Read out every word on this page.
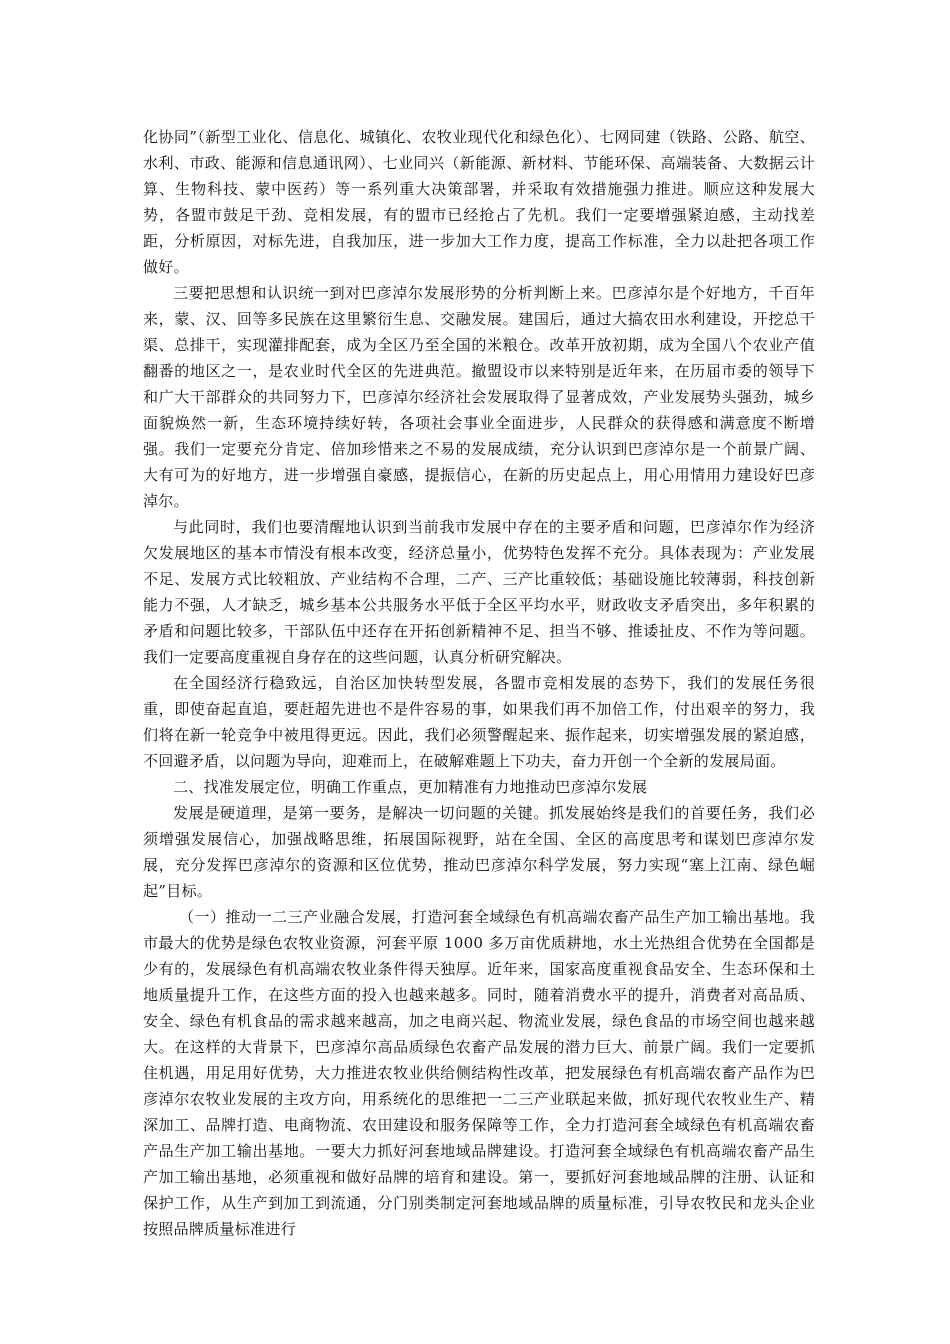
化协同”（新型工业化、信息化、城镇化、农牧业现代化和绿色化）、七网同建（铁路、公路、航空、水利、市政、能源和信息通讯网）、七业同兴（新能源、新材料、节能环保、高端装备、大数据云计算、生物科技、蒙中医药）等一系列重大决策部署，并采取有效措施强力推进。顺应这种发展大势，各盟市鼓足干劲、竞相发展，有的盟市已经抢占了先机。我们一定要增强紧迫感，主动找差距，分析原因，对标先进，自我加压，进一步加大工作力度，提高工作标准，全力以赴把各项工作做好。

三要把思想和认识统一到对巴彦淖尔发展形势的分析判断上来。巴彦淖尔是个好地方，千百年来，蒙、汉、回等多民族在这里繁衍生息、交融发展。建国后，通过大搞农田水利建设，开挖总干渠、总排干，实现灌排配套，成为全区乃至全国的米粮仓。改革开放初期，成为全国八个农业产值翻番的地区之一，是农业时代全区的先进典范。撤盟设市以来特别是近年来，在历届市委的领导下和广大干部群众的共同努力下，巴彦淖尔经济社会发展取得了显著成效，产业发展势头强劲，城乡面貌焕然一新，生态环境持续好转，各项社会事业全面进步，人民群众的获得感和满意度不断增强。我们一定要充分肯定、倍加珍惜来之不易的发展成绩，充分认识到巴彦淖尔是一个前景广阔、大有可为的好地方，进一步增强自豪感，提振信心，在新的历史起点上，用心用情用力建设好巴彦淖尔。

与此同时，我们也要清醒地认识到当前我市发展中存在的主要矛盾和问题，巴彦淖尔作为经济欠发展地区的基本市情没有根本改变，经济总量小，优势特色发挥不充分。具体表现为：产业发展不足、发展方式比较粗放、产业结构不合理，二产、三产比重较低；基础设施比较薄弱，科技创新能力不强，人才缺乏，城乡基本公共服务水平低于全区平均水平，财政收支矛盾突出，多年积累的矛盾和问题比较多，干部队伍中还存在开拓创新精神不足、担当不够、推诿扯皮、不作为等问题。我们一定要高度重视自身存在的这些问题，认真分析研究解决。

在全国经济行稳致远，自治区加快转型发展，各盟市竞相发展的态势下，我们的发展任务很重，即使奋起直追，要赶超先进也不是件容易的事，如果我们再不加倍工作，付出艰辛的努力，我们将在新一轮竞争中被甩得更远。因此，我们必须警醒起来、振作起来，切实增强发展的紧迫感，不回避矛盾，以问题为导向，迎难而上，在破解难题上下功夫，奋力开创一个全新的发展局面。

二、找准发展定位，明确工作重点，更加精准有力地推动巴彦淖尔发展

发展是硬道理，是第一要务，是解决一切问题的关键。抓发展始终是我们的首要任务，我们必须增强发展信心，加强战略思维，拓展国际视野，站在全国、全区的高度思考和谋划巴彦淖尔发展，充分发挥巴彦淖尔的资源和区位优势，推动巴彦淖尔科学发展，努力实现“塞上江南、绿色崛起”目标。

（一）推动一二三产业融合发展，打造河套全域绿色有机高端农畜产品生产加工输出基地。我市最大的优势是绿色农牧业资源，河套平原 1000 多万亩优质耕地，水土光热组合优势在全国都是少有的，发展绿色有机高端农牧业条件得天独厚。近年来，国家高度重视食品安全、生态环保和土地质量提升工作，在这些方面的投入也越来越多。同时，随着消费水平的提升，消费者对高品质、安全、绿色有机食品的需求越来越高，加之电商兴起、物流业发展，绿色食品的市场空间也越来越大。在这样的大背景下，巴彦淖尔高品质绿色农畜产品发展的潜力巨大、前景广阔。我们一定要抓住机遇，用足用好优势，大力推进农牧业供给侧结构性改革，把发展绿色有机高端农畜产品作为巴彦淖尔农牧业发展的主攻方向，用系统化的思维把一二三产业联起来做，抓好现代农牧业生产、精深加工、品牌打造、电商物流、农田建设和服务保障等工作，全力打造河套全域绿色有机高端农畜产品生产加工输出基地。一要大力抓好河套地域品牌建设。打造河套全域绿色有机高端农畜产品生产加工输出基地，必须重视和做好品牌的培育和建设。第一，要抓好河套地域品牌的注册、认证和保护工作，从生产到加工到流通，分门别类制定河套地域品牌的质量标准，引导农牧民和龙头企业按照品牌质量标准进行
